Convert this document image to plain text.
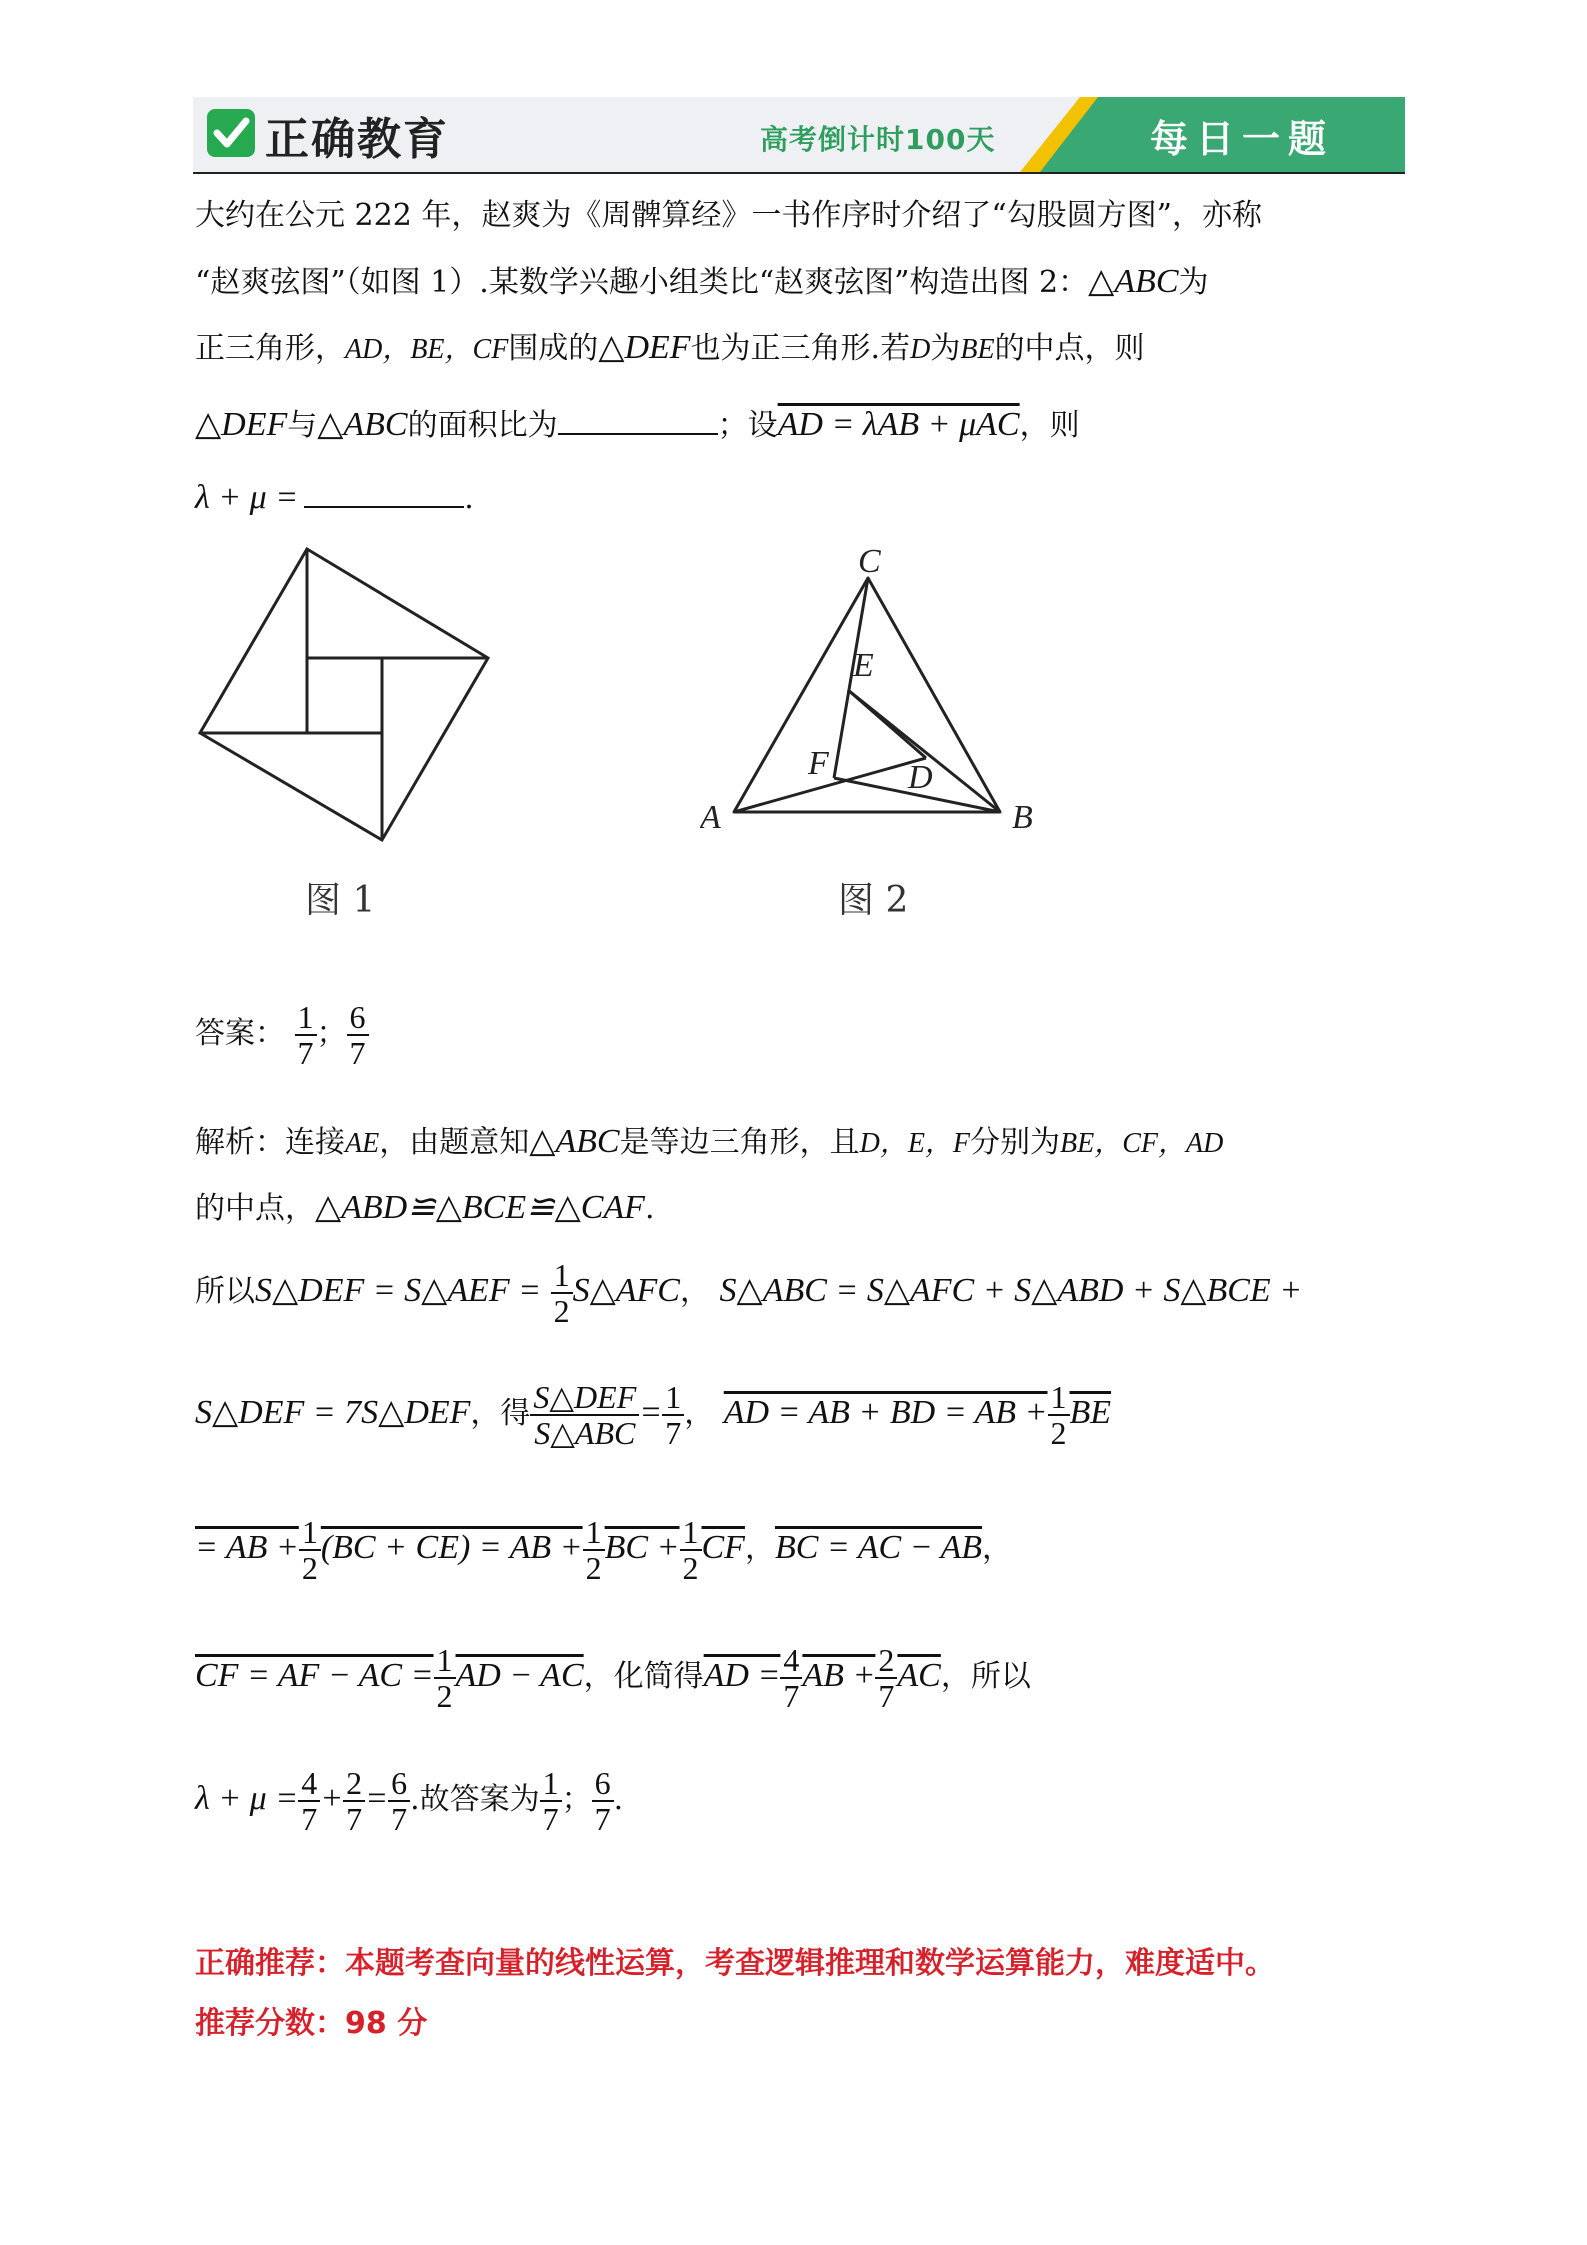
正确教育	高考倒计时100天	每日一题
大约在公元 222 年，赵爽为《周髀算经》一书作序时介绍了“勾股圆方图”，亦称
“赵爽弦图”（如图 1）.某数学兴趣小组类比“赵爽弦图”构造出图 2：△ABC为
正三角形，AD，BE，CF围成的△DEF也为正三角形.若D为BE的中点，则
△DEF与△ABC的面积比为	；设AD = λAB + μAC，则
λ + μ =	.
图 1
C
E
F D
A	B
图 2
答案： $\frac{1}{7}$ ； $\frac{6}{7}$
解析：连接AE，由题意知△ABC是等边三角形，且D，E，F分别为BE，CF，AD
的中点，△ABD≌△BCE≌△CAF.
所以S△DEF = S△AEF = $\frac{1}{2}$ S△AFC， S△ABC = S△AFC + S△ABD + S△BCE +
S△DEF = 7S△DEF，得 $\frac{\text{S△DEF}}{\text{S△ABC}} = \frac{1}{7}$ ， AD = AB + BD = AB + $\frac{1}{2} \overline{BE}$
= AB + $\frac{1}{2} (BC + CE)$ = AB + $\frac{1}{2}$ BC + $\frac{1}{2} \overline{CF}$，BC = AC − AB，
CF = AF − AC = $\frac{1}{2}$ AD − AC，化简得AD = $\frac{4}{7}$ AB + $\frac{2}{7} \overline{AC}$，所以
$\lambda + \mu = \frac{4}{7} + \frac{2}{7} = \frac{6}{7}$ .故答案为 $\frac{1}{7}$ ； $\frac{6}{7}$ .
正确推荐：本题考查向量的线性运算，考查逻辑推理和数学运算能力，难度适中。
推荐分数：98 分
